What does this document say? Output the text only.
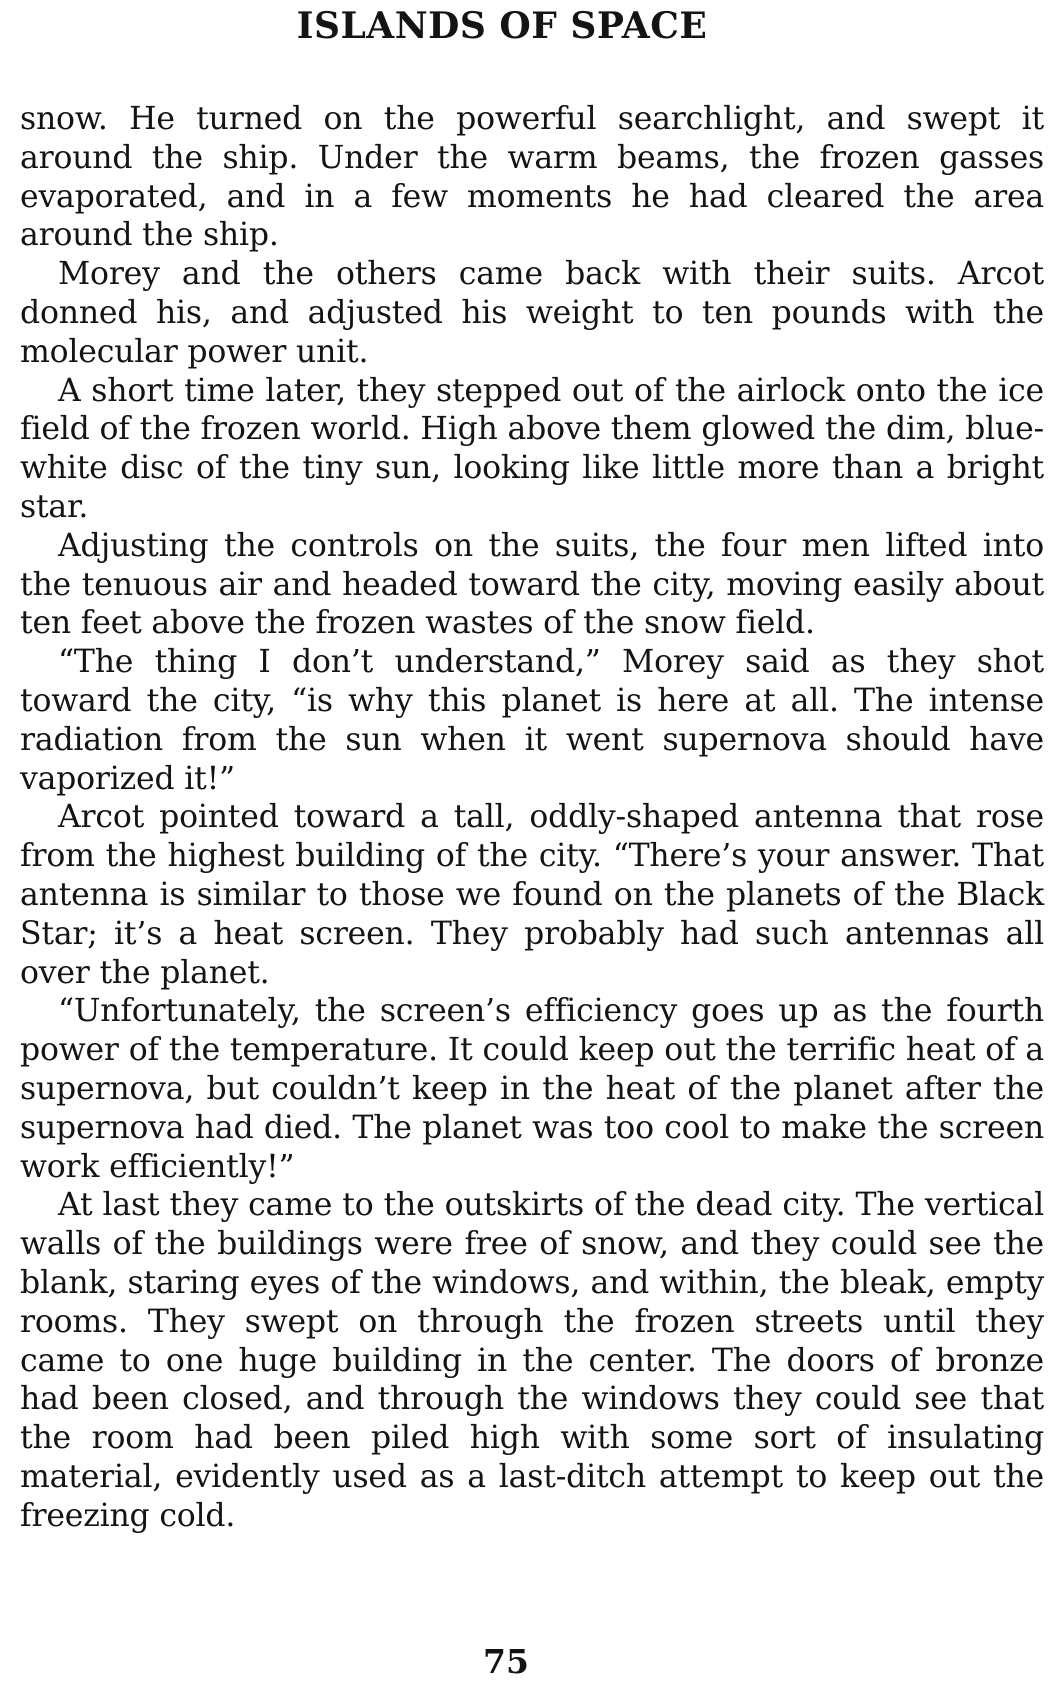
ISLANDS OF SPACE

snow. He turned on the powerful searchlight, and swept it around the ship. Under the warm beams, the frozen gasses evaporated, and in a few moments he had cleared the area around the ship.

Morey and the others came back with their suits. Arcot donned his, and adjusted his weight to ten pounds with the molecular power unit.

A short time later, they stepped out of the airlock onto the ice field of the frozen world. High above them glowed the dim, blue-white disc of the tiny sun, looking like little more than a bright star.

Adjusting the controls on the suits, the four men lifted into the tenuous air and headed toward the city, moving easily about ten feet above the frozen wastes of the snow field.

“The thing I don’t understand,” Morey said as they shot toward the city, “is why this planet is here at all. The intense radiation from the sun when it went supernova should have vaporized it!”

Arcot pointed toward a tall, oddly-shaped antenna that rose from the highest building of the city. “There’s your answer. That antenna is similar to those we found on the planets of the Black Star; it’s a heat screen. They probably had such antennas all over the planet.

“Unfortunately, the screen’s efficiency goes up as the fourth power of the temperature. It could keep out the terrific heat of a supernova, but couldn’t keep in the heat of the planet after the supernova had died. The planet was too cool to make the screen work efficiently!”

At last they came to the outskirts of the dead city. The vertical walls of the buildings were free of snow, and they could see the blank, staring eyes of the windows, and within, the bleak, empty rooms. They swept on through the frozen streets until they came to one huge building in the center. The doors of bronze had been closed, and through the windows they could see that the room had been piled high with some sort of insulating material, evidently used as a last-ditch attempt to keep out the freezing cold.

75
